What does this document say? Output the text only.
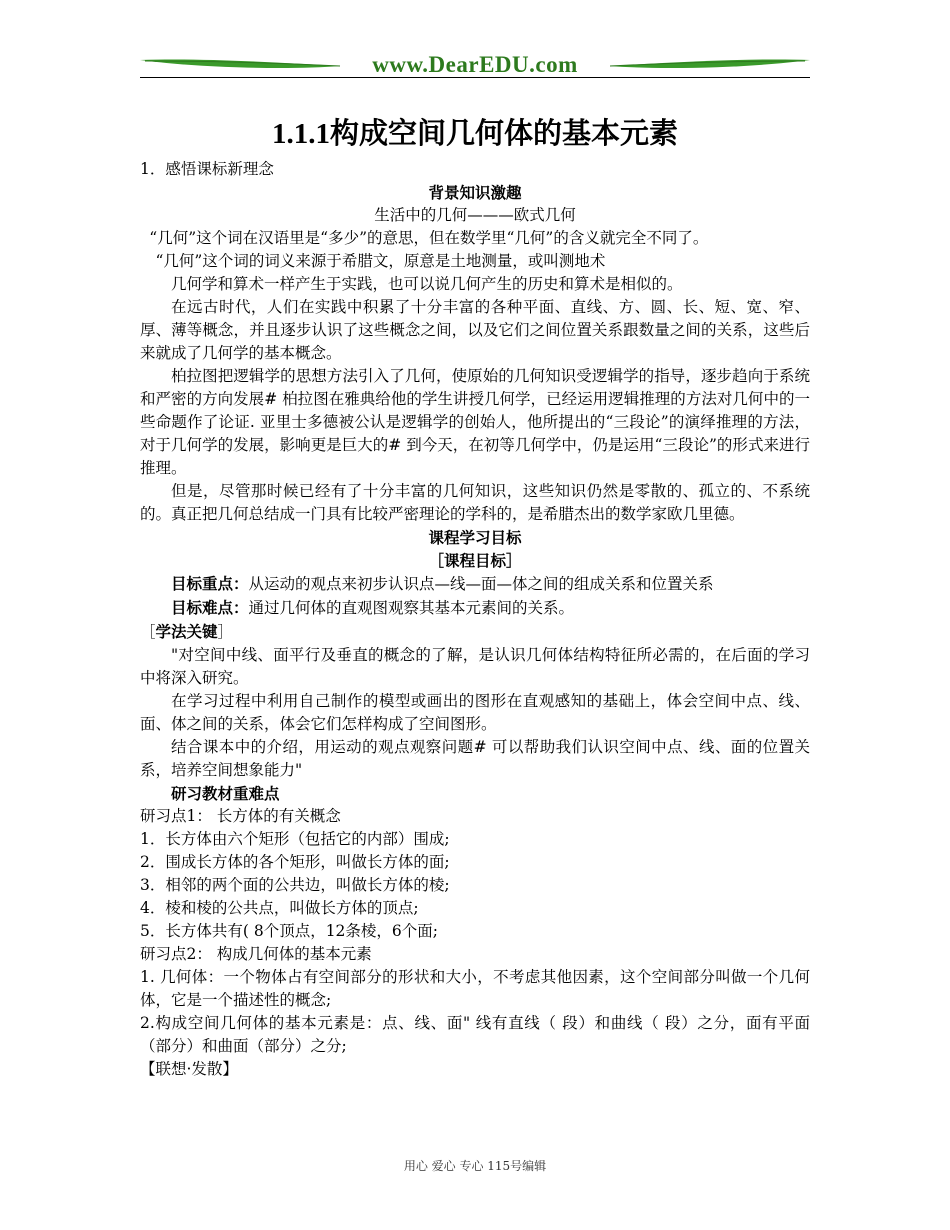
www.DearEDU.com
1.1.1构成空间几何体的基本元素

1．感悟课标新理念

背景知识激趣

生活中的几何———欧式几何

“几何”这个词在汉语里是“多少”的意思，但在数学里“几何”的含义就完全不同了。

“几何”这个词的词义来源于希腊文，原意是土地测量，或叫测地术

几何学和算术一样产生于实践，也可以说几何产生的历史和算术是相似的。

在远古时代，人们在实践中积累了十分丰富的各种平面、直线、方、圆、长、短、宽、窄、厚、薄等概念，并且逐步认识了这些概念之间，以及它们之间位置关系跟数量之间的关系，这些后来就成了几何学的基本概念。

柏拉图把逻辑学的思想方法引入了几何，使原始的几何知识受逻辑学的指导，逐步趋向于系统和严密的方向发展# 柏拉图在雅典给他的学生讲授几何学，已经运用逻辑推理的方法对几何中的一些命题作了论证. 亚里士多德被公认是逻辑学的创始人，他所提出的“三段论”的演绎推理的方法，对于几何学的发展，影响更是巨大的# 到今天，在初等几何学中，仍是运用“三段论”的形式来进行推理。

但是，尽管那时候已经有了十分丰富的几何知识，这些知识仍然是零散的、孤立的、不系统的。真正把几何总结成一门具有比较严密理论的学科的，是希腊杰出的数学家欧几里德。

课程学习目标

［课程目标］

目标重点：从运动的观点来初步认识点—线—面—体之间的组成关系和位置关系

目标难点：通过几何体的直观图观察其基本元素间的关系。

［学法关键］

"对空间中线、面平行及垂直的概念的了解，是认识几何体结构特征所必需的，在后面的学习中将深入研究。

在学习过程中利用自己制作的模型或画出的图形在直观感知的基础上，体会空间中点、线、面、体之间的关系，体会它们怎样构成了空间图形。

结合课本中的介绍，用运动的观点观察问题# 可以帮助我们认识空间中点、线、面的位置关系，培养空间想象能力"

研习教材重难点

研习点1： 长方体的有关概念

1．长方体由六个矩形（包括它的内部）围成;

2．围成长方体的各个矩形，叫做长方体的面;

3．相邻的两个面的公共边，叫做长方体的棱;

4．棱和棱的公共点，叫做长方体的顶点;

5．长方体共有( 8个顶点，12条棱，6个面;

研习点2： 构成几何体的基本元素

1. 几何体：一个物体占有空间部分的形状和大小，不考虑其他因素，这个空间部分叫做一个几何体，它是一个描述性的概念;

2.构成空间几何体的基本元素是：点、线、面" 线有直线（ 段）和曲线（ 段）之分，面有平面（部分）和曲面（部分）之分;

【联想·发散】

用心 爱心 专心 115号编辑
